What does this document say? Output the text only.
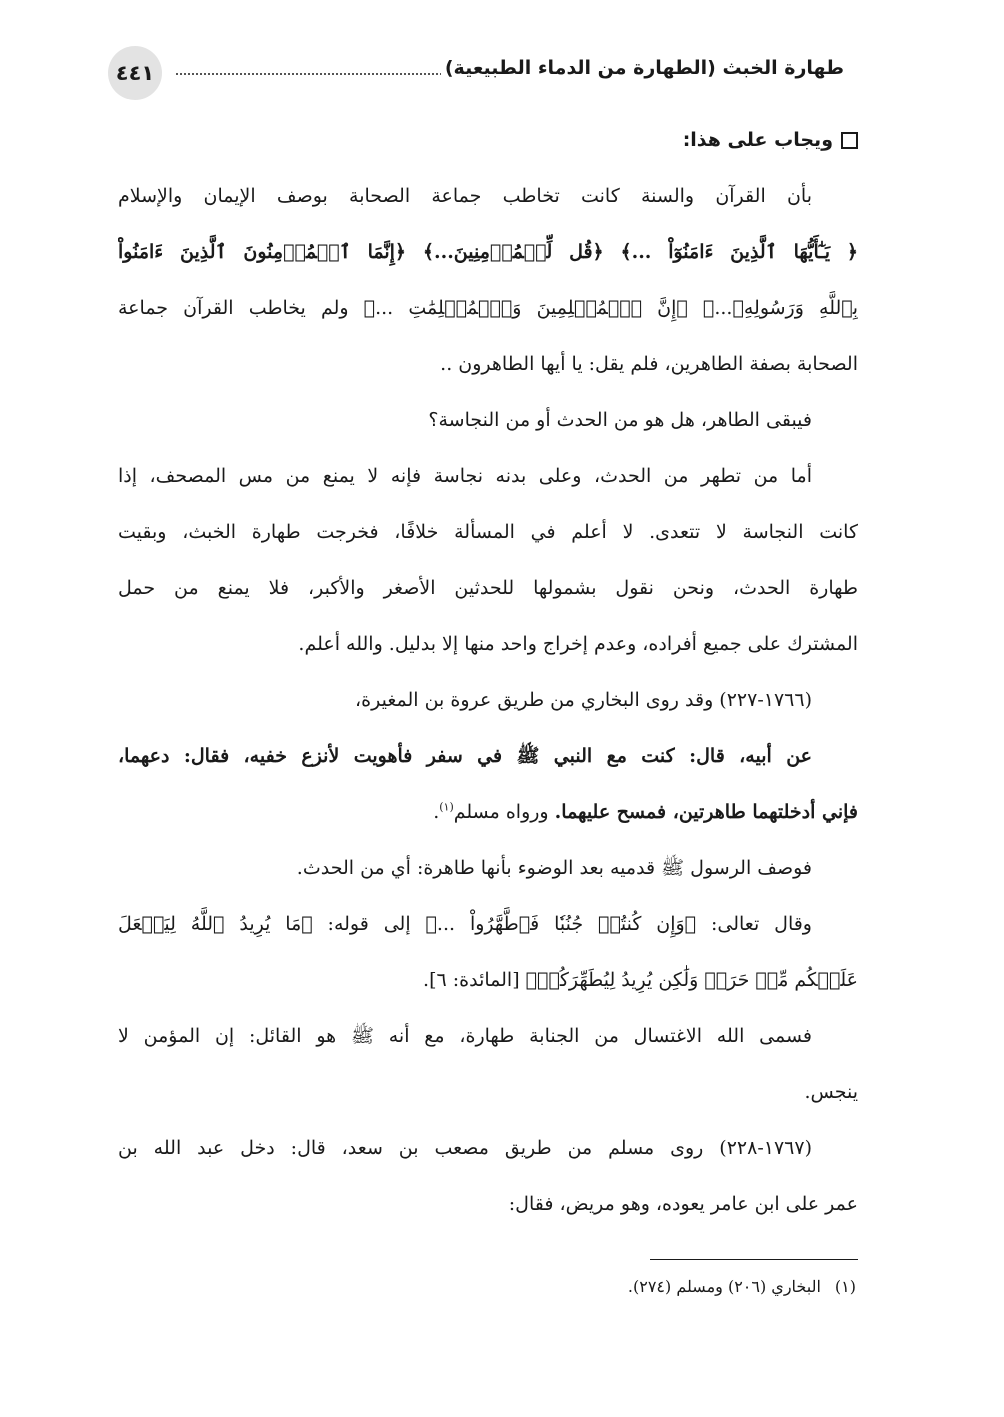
٤٤١	طهارة الخبث (الطهارة من الدماء الطبيعية)
ويجاب على هذا:
بأن القرآن والسنة كانت تخاطب جماعة الصحابة بوصف الإيمان والإسلام
﴿ يَـٰٓأَيُّهَا ٱلَّذِينَ ءَامَنُوٓاْ ...﴾ ﴿قُل لِّلۡمُؤۡمِنِينَ...﴾ ﴿إِنَّمَا ٱلۡمُؤۡمِنُونَ ٱلَّذِينَ ءَامَنُواْ
بِٱللَّهِ وَرَسُولِهِۦ...﴾ ﴿إِنَّ ٱلۡمُسۡلِمِينَ وَٱلۡمُسۡلِمَٰتِ ...﴾ ولم يخاطب القرآن جماعة
الصحابة بصفة الطاهرين، فلم يقل: يا أيها الطاهرون ..
فيبقى الطاهر، هل هو من الحدث أو من النجاسة؟
أما من تطهر من الحدث، وعلى بدنه نجاسة فإنه لا يمنع من مس المصحف، إذا
كانت النجاسة لا تتعدى. لا أعلم في المسألة خلافًا، فخرجت طهارة الخبث، وبقيت
طهارة الحدث، ونحن نقول بشمولها للحدثين الأصغر والأكبر، فلا يمنع من حمل
المشترك على جميع أفراده، وعدم إخراج واحد منها إلا بدليل. والله أعلم.
(١٧٦٦-٢٢٧) وقد روى البخاري من طريق عروة بن المغيرة،
عن أبيه، قال: كنت مع النبي ﷺ في سفر فأهويت لأنزع خفيه، فقال: دعهما،
فإني أدخلتهما طاهرتين، فمسح عليهما. ورواه مسلم$^{(١)}$.
فوصف الرسول ﷺ قدميه بعد الوضوء بأنها طاهرة: أي من الحدث.
وقال تعالى: ﴿وَإِن كُنتُمۡ جُنُبٗا فَٱطَّهَّرُواْ ...﴾ إلى قوله: ﴿مَا يُرِيدُ ٱللَّهُ لِيَجۡعَلَ
عَلَيۡكُم مِّنۡ حَرَجٖ وَلَٰكِن يُرِيدُ لِيُطَهِّرَكُمۡ﴾ [المائدة: ٦].
فسمى الله الاغتسال من الجنابة طهارة، مع أنه ﷺ هو القائل: إن المؤمن لا
ينجس.
(١٧٦٧-٢٢٨) روى مسلم من طريق مصعب بن سعد، قال: دخل عبد الله بن
عمر على ابن عامر يعوده، وهو مريض، فقال:
(١)البخاري (٢٠٦) ومسلم (٢٧٤).
